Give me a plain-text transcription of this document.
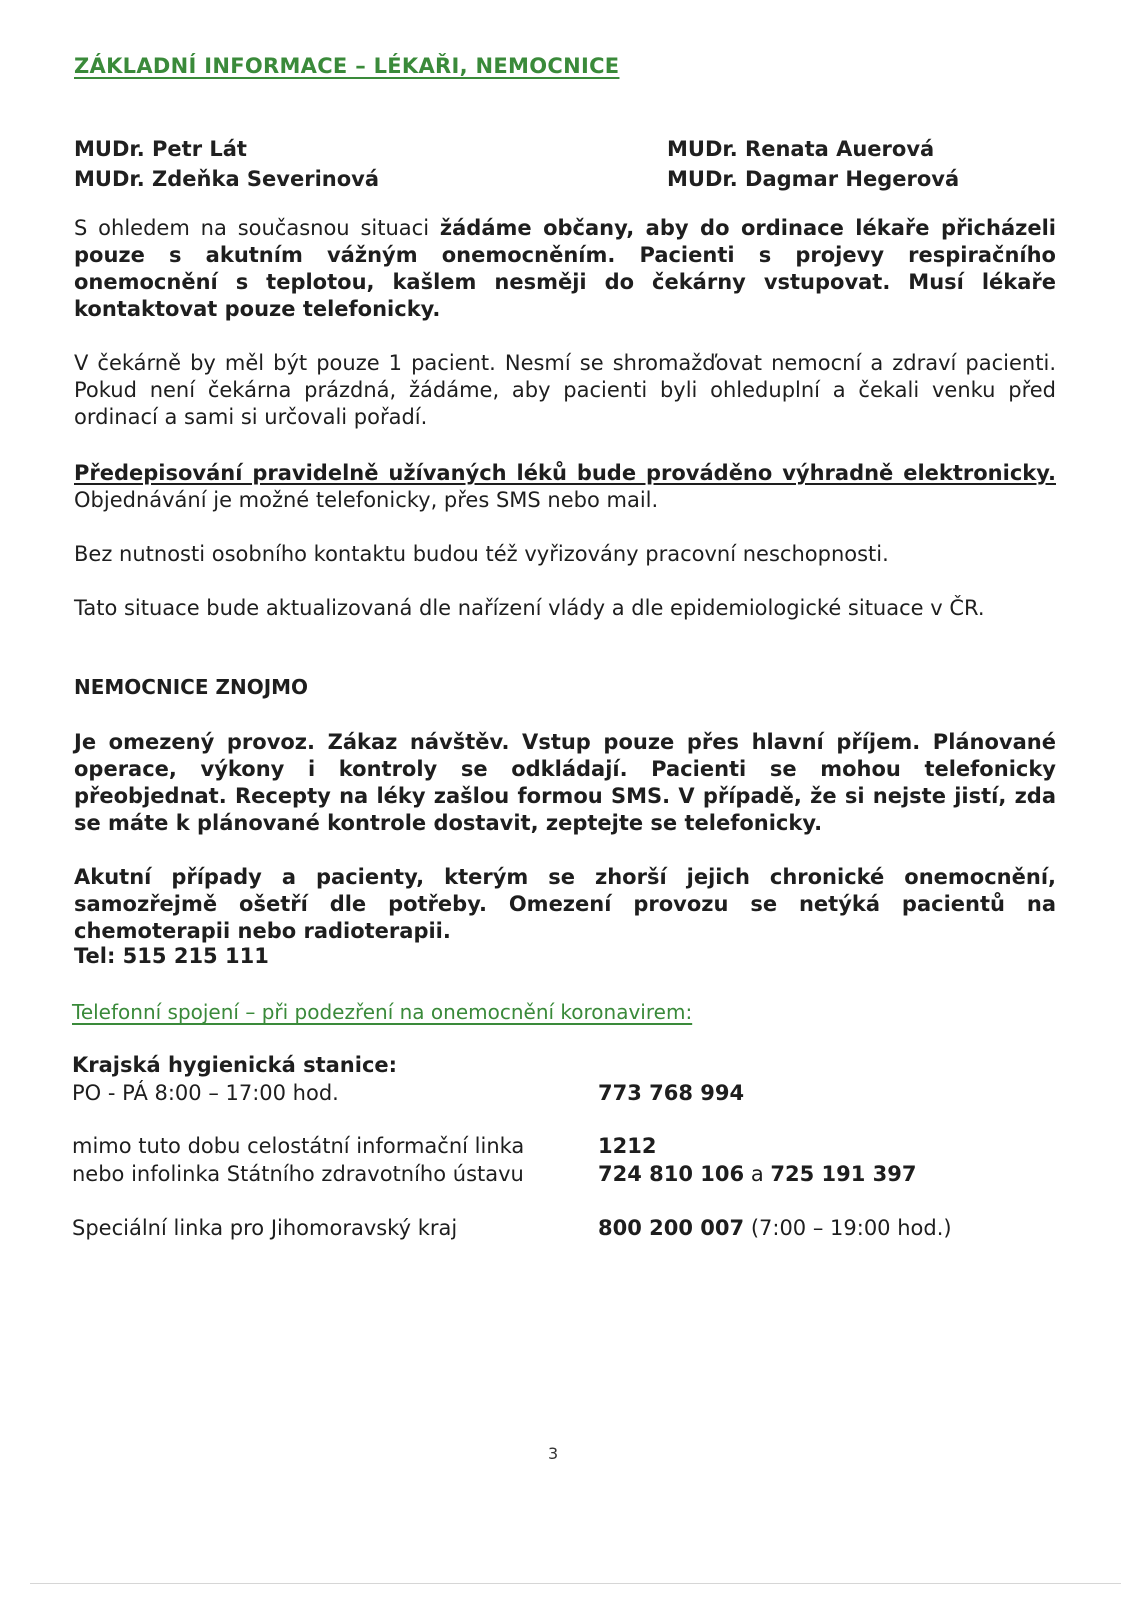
ZÁKLADNÍ INFORMACE – LÉKAŘI, NEMOCNICE
MUDr. Petr Lát
MUDr. Zdeňka Severinová
MUDr. Renata Auerová
MUDr. Dagmar Hegerová
S ohledem na současnou situaci žádáme občany, aby do ordinace lékaře přicházeli pouze s akutním vážným onemocněním. Pacienti s projevy respiračního onemocnění s teplotou, kašlem nesměji do čekárny vstupovat. Musí lékaře kontaktovat pouze telefonicky.
V čekárně by měl být pouze 1 pacient. Nesmí se shromažďovat nemocní a zdraví pacienti. Pokud není čekárna prázdná, žádáme, aby pacienti byli ohleduplní a čekali venku před ordinací a sami si určovali pořadí.
Předepisování pravidelně užívaných léků bude prováděno výhradně elektronicky. Objednávání je možné telefonicky, přes SMS nebo mail.
Bez nutnosti osobního kontaktu budou též vyřizovány pracovní neschopnosti.
Tato situace bude aktualizovaná dle nařízení vlády a dle epidemiologické situace v ČR.
NEMOCNICE ZNOJMO
Je omezený provoz. Zákaz návštěv. Vstup pouze přes hlavní příjem. Plánované operace, výkony i kontroly se odkládají. Pacienti se mohou telefonicky přeobjednat. Recepty na léky zašlou formou SMS. V případě, že si nejste jistí, zda se máte k plánované kontrole dostavit, zeptejte se telefonicky.
Akutní případy a pacienty, kterým se zhorší jejich chronické onemocnění, samozřejmě ošetří dle potřeby. Omezení provozu se netýká pacientů na chemoterapii nebo radioterapii.
Tel: 515 215 111
Telefonní spojení – při podezření na onemocnění koronavirem:
Krajská hygienická stanice:
PO - PÁ 8:00 – 17:00 hod.	773 768 994
mimo tuto dobu celostátní informační linka
nebo infolinka Státního zdravotního ústavu
1212
724 810 106 a 725 191 397
Speciální linka pro Jihomoravský kraj	800 200 007 (7:00 – 19:00 hod.)
3
